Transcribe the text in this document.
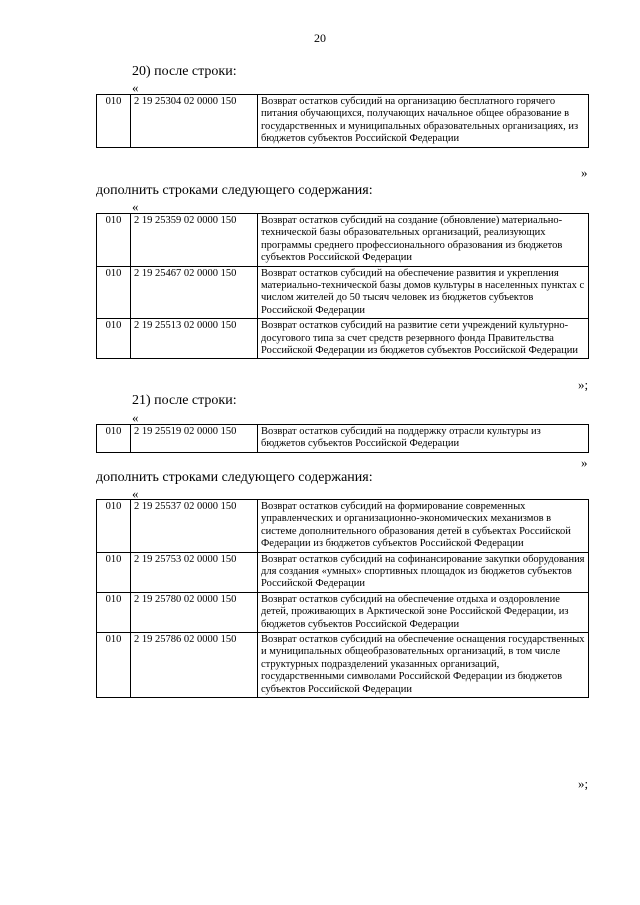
20
20) после строки:
«
010	2 19 25304 02 0000 150	Возврат остатков субсидий на организацию бесплатного горячего питания обучающихся, получающих начальное общее образование в государственных и муниципальных образовательных организациях, из бюджетов субъектов Российской Федерации
»
дополнить строками следующего содержания:
«
010	2 19 25359 02 0000 150	Возврат остатков субсидий на создание (обновление) материально-технической базы образовательных организаций, реализующих программы среднего профессионального образования из бюджетов субъектов Российской Федерации
010	2 19 25467 02 0000 150	Возврат остатков субсидий на обеспечение развития и укрепления материально-технической базы домов культуры в населенных пунктах с числом жителей до 50 тысяч человек из бюджетов субъектов Российской Федерации
010	2 19 25513 02 0000 150	Возврат остатков субсидий на развитие сети учреждений культурно-досугового типа за счет средств резервного фонда Правительства Российской Федерации из бюджетов субъектов Российской Федерации
»;
21) после строки:
«
010	2 19 25519 02 0000 150	Возврат остатков субсидий на поддержку отрасли культуры из бюджетов субъектов Российской Федерации
»
дополнить строками следующего содержания:
«
010	2 19 25537 02 0000 150	Возврат остатков субсидий на формирование современных управленческих и организационно-экономических механизмов в системе дополнительного образования детей в субъектах Российской Федерации из бюджетов субъектов Российской Федерации
010	2 19 25753 02 0000 150	Возврат остатков субсидий на софинансирование закупки оборудования для создания «умных» спортивных площадок из бюджетов субъектов Российской Федерации
010	2 19 25780 02 0000 150	Возврат остатков субсидий на обеспечение отдыха и оздоровление детей, проживающих в Арктической зоне Российской Федерации, из бюджетов субъектов Российской Федерации
010	2 19 25786 02 0000 150	Возврат остатков субсидий на обеспечение оснащения государственных и муниципальных общеобразовательных организаций, в том числе структурных подразделений указанных организаций, государственными символами Российской Федерации из бюджетов субъектов Российской Федерации
»;
